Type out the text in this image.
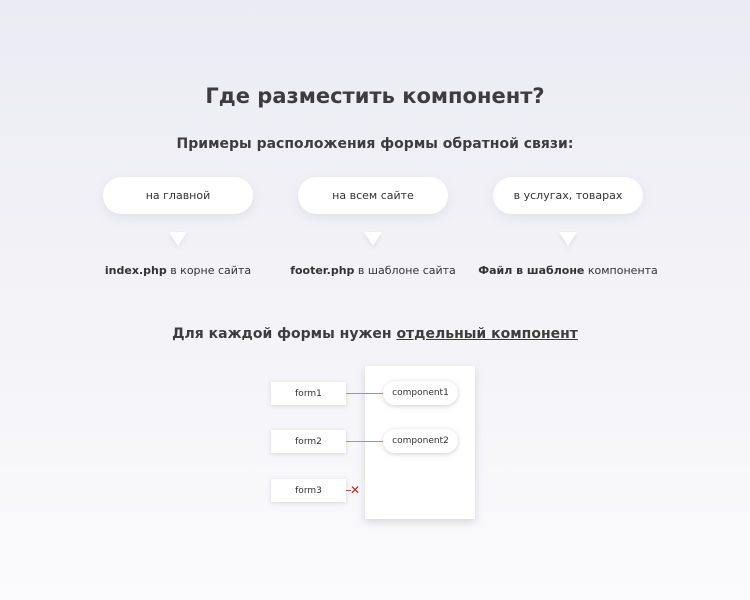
Где разместить компонент?
Примеры расположения формы обратной связи:
на главной
index.php в корне сайта
на всем сайте
footer.php в шаблоне сайта
в услугах, товарах
Файл в шаблоне компонента
Для каждой формы нужен отдельный компонент
form1
form2
form3	✕
component1
component2
